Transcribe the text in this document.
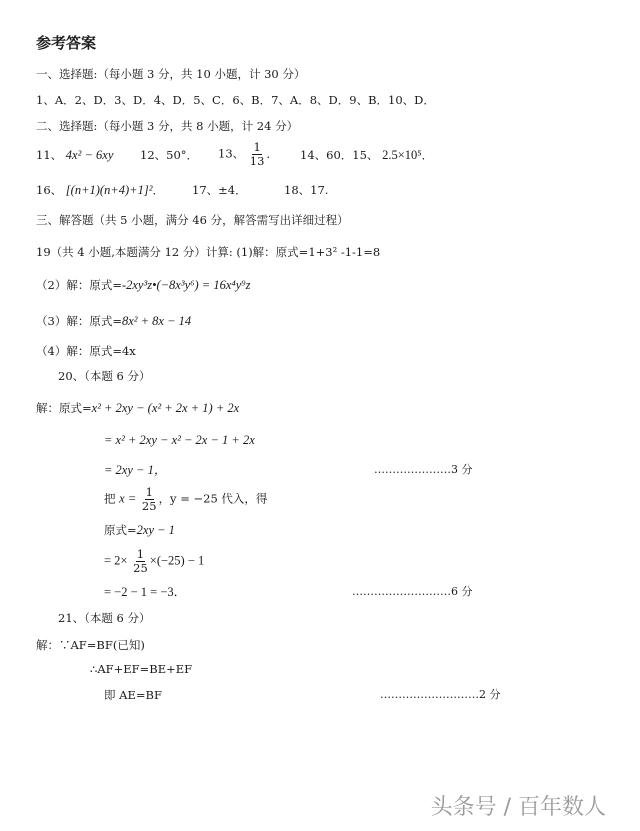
参考答案
一、选择题:（每小题 3 分，共 10 小题，计 30 分）
1、A．2、D．3、D．4、D．5、C．6、B．7、A．8、D．9、B．10、D．
二、选择题:（每小题 3 分，共 8 小题，计 24 分）
11、 4x² − 6xy 12、50°． 13、 $\frac{1}{13}$ ． 14、60．15、 2.5×10⁵．
16、 [(n+1)(n+4)+1]²． 17、±4．	18、17.
三、解答题（共 5 小题，满分 46 分，解答需写出详细过程）
19（共 4 小题,本题满分 12 分）计算: (1)解：原式=1+3² -1-1=8
（2）解：原式=-2xy³z•(−8x³y⁶) = 16x⁴y⁹z
（3）解：原式=8x² + 8x − 14
（4）解：原式=4x
20、（本题 6 分）
解：原式=x² + 2xy − (x² + 2x + 1) + 2x
= x² + 2xy − x² − 2x − 1 + 2x
= 2xy − 1，	…………………3 分
把 $x = \frac{1}{25}$ ，y = −25 代入，得
原式=2xy − 1
= $2\times \frac{1}{25} \times(-25) - 1$
= −2 − 1 = −3．	………………………6 分
21、（本题 6 分）
解：∵AF=BF(已知)
∴AF+EF=BE+EF
即 AE=BF	………………………2 分
头条号 / 百年数人
